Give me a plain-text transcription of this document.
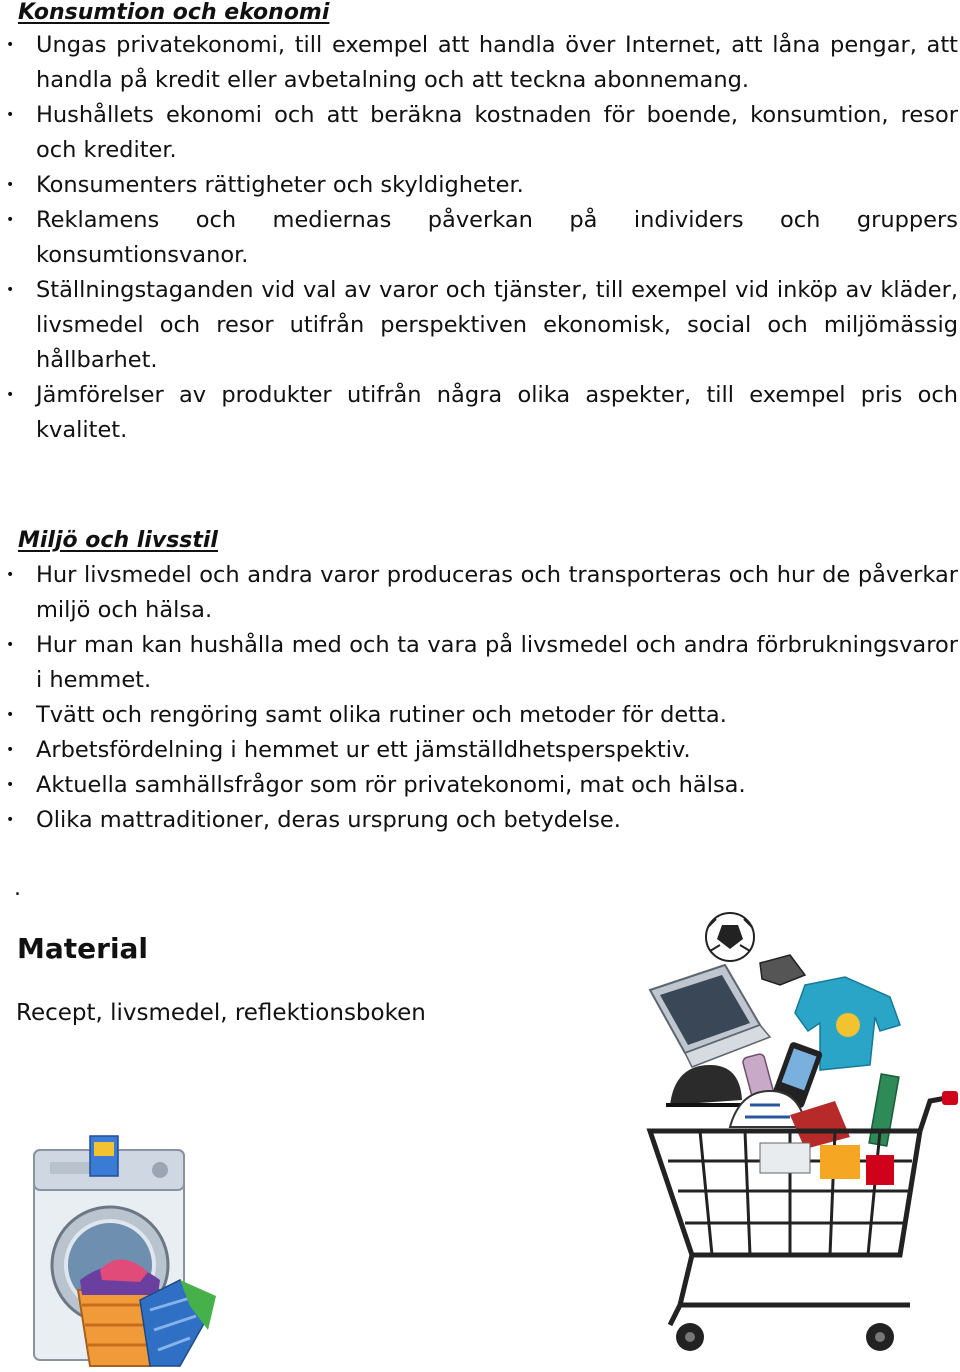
Konsumtion och ekonomi
• Ungas privatekonomi, till exempel att handla över Internet, att låna pengar, att handla på kredit eller avbetalning och att teckna abonnemang.
• Hushållets ekonomi och att beräkna kostnaden för boende, konsumtion, resor och krediter.
• Konsumenters rättigheter och skyldigheter.
• Reklamens och mediernas påverkan på individers och gruppers konsumtionsvanor.
• Ställningstaganden vid val av varor och tjänster, till exempel vid inköp av kläder, livsmedel och resor utifrån perspektiven ekonomisk, social och miljömässig hållbarhet.
• Jämförelser av produkter utifrån några olika aspekter, till exempel pris och kvalitet.
Miljö och livsstil
• Hur livsmedel och andra varor produceras och transporteras och hur de påverkar miljö och hälsa.
• Hur man kan hushålla med och ta vara på livsmedel och andra förbrukningsvaror i hemmet.
• Tvätt och rengöring samt olika rutiner och metoder för detta.
• Arbetsfördelning i hemmet ur ett jämställdhetsperspektiv.
• Aktuella samhällsfrågor som rör privatekonomi, mat och hälsa.
• Olika mattraditioner, deras ursprung och betydelse.
.
Material
Recept, livsmedel, reflektionsboken
